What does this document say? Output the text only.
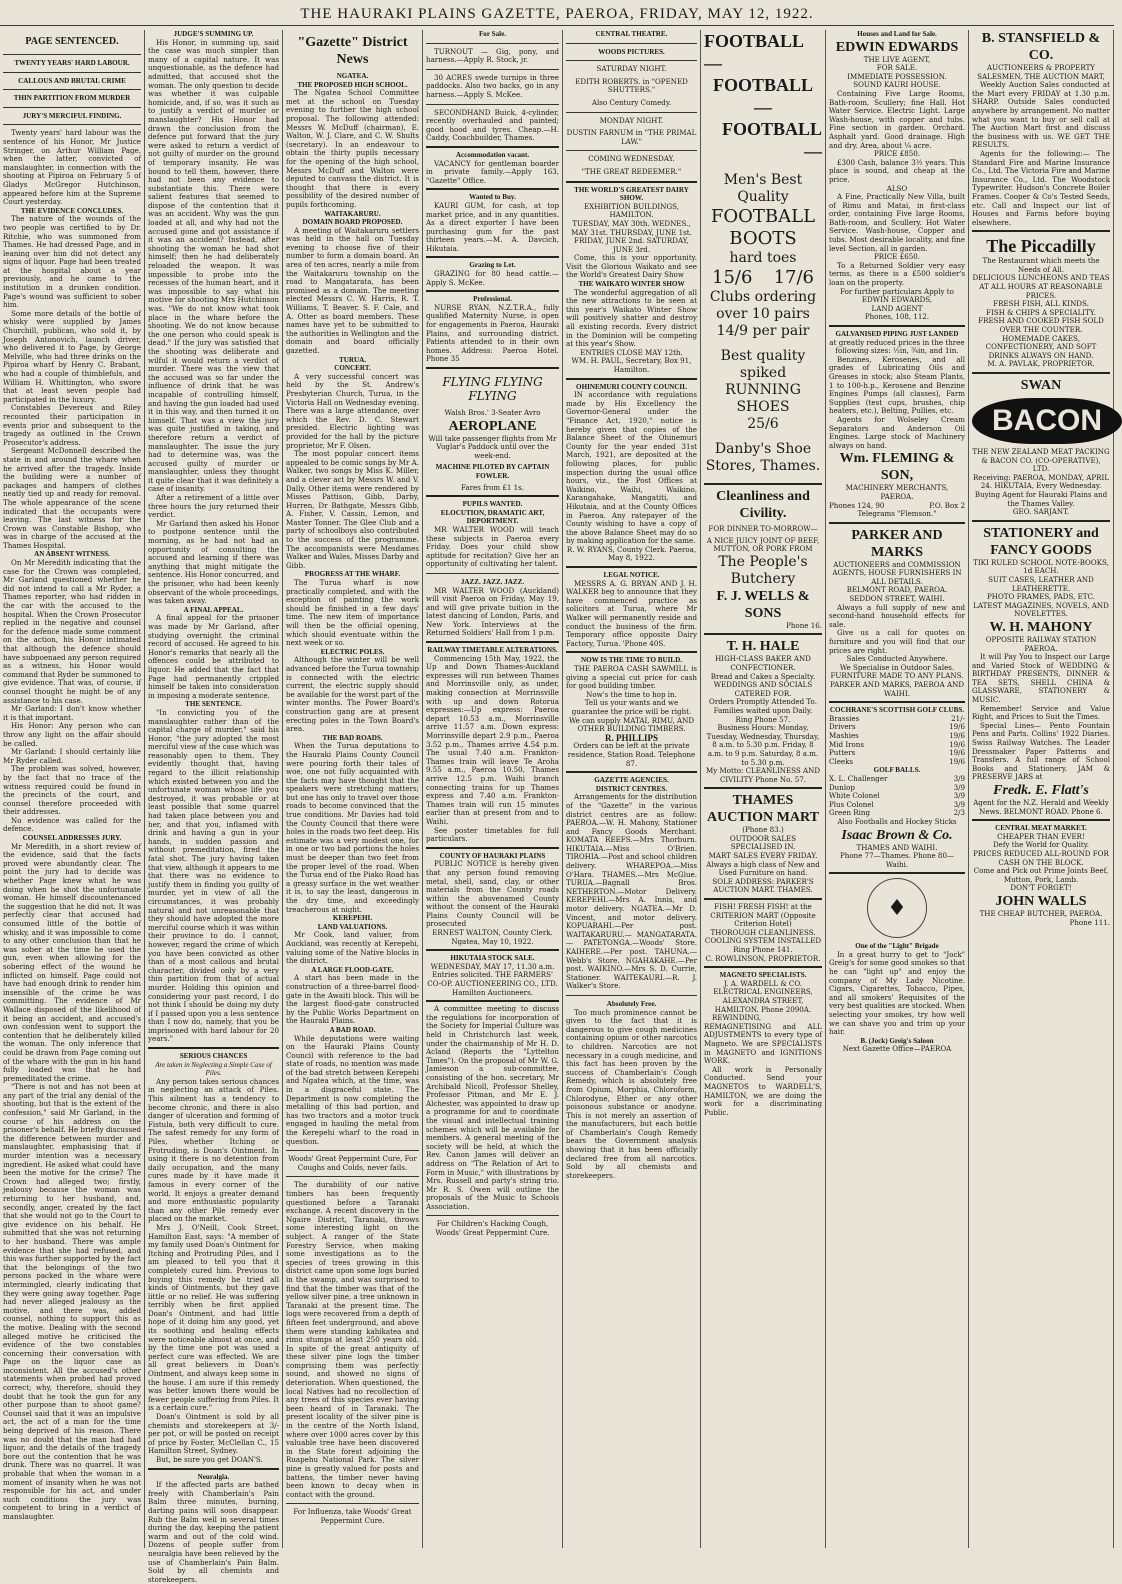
THE HAURAKI PLAINS GAZETTE, PAEROA, FRIDAY, MAY 12, 1922.
PAGE SENTENCED.
TWENTY YEARS' HARD LABOUR.
CALLOUS AND BRUTAL CRIME
THIN PARTITION FROM MURDER
JURY'S MERCIFUL FINDING.

Twenty years' hard labour was the sentence of his Honor, Mr Justice Stringer, on Arthur William Page, when the latter, convicted of manslaughter, in connection with the shooting at Pipiroa on February 5 of Gladys McGregor Hutchinson, appeared before him at the Supreme Court yesterday.

THE EVIDENCE CONCLUDES.

The nature of the wounds of the two people was certified to by Dr. Ritchie, who was summoned from Thames. He had dressed Page, and in leaning over him did not detect any signs of liquor. Page had been treated at the hospital about a year previously, and he came to the institution in a drunken condition. Page's wound was sufficient to sober him.

Some more details of the bottle of whisky were supplied by James Churchill, publican, who sold it, by Joseph Antonovich, launch driver, who delivered it to Page, by George Melville, who had three drinks on the Pipiroa wharf by Henry C. Brabant, who had a couple of thimblefuls, and William H. Whittington, who swore that at least seven people had participated in the luxury.

Constables Devereux and Riley recounted their participation in events prior and subsequent to the tragedy as outlined in the Crown Prosecutor's address.

Sergeant McDonnell described the state in and around the whare when he arrived after the tragedy. Inside the building were a number of packages and hampers of clothes neatly tied up and ready for removal. The whole appearance of the scene indicated that the occupants were leaving. The last witness for the Crown was Constable Bishop, who was in charge of the accused at the Thames Hospital.

AN ABSENT WITNESS.

On Mr Meredith indicating that the case for the Crown was completed, Mr Garland questioned whether he did not intend to call a Mr Ryder, a Thames reporter, who had ridden in the car with the accused to the hospital. When the Crown Prosecutor replied in the negative and counsel for the defence made some comment on the action, his Honor intimated that although the defence should have subpoenaed any person required as a witness, his Honor would command that Ryder be summoned to give evidence. That was, of course, if counsel thought he might be of any assistance to his case.

Mr Garland: I don't know whether it is that important.

His Honor: Any person who can throw any light on the affair should be called.

Mr Garland: I should certainly like Mr Ryder called.

The problem was solved, however, by the fact that no trace of the witness required could be found in the precincts of the court, and counsel therefore proceeded with their addresses.

No evidence was called for the defence.

COUNSEL ADDRESSES JURY.

Mr Meredith, in a short review of the evidence, said that the facts proved were abundantly clear. The point the jury had to decide was whether Page knew what he was doing when he shot the unfortunate woman. He himself discountenanced the suggestion that he did not. It was perfectly clear that accused had consumed little of the bottle of whisky, and it was impossible to come to any other conclusion than that he was sober at the time he used the gun, even when allowing for the sobering effect of the wound he inflicted on himself. Page could not have had enough drink to render him insensible of the crime he was committing. The evidence of Mr Wallace disposed of the likelihood of it being an accident, and accused's own confession went to support the contention that he deliberately killed the woman. The only inference that could be drawn from Page coming out of the whare with the gun in his hand fully loaded was that he had premeditated the crime.

"There is not and has not been at any part of the trial any denial of the shooting, but that is the extent of the confession," said Mr Garland, in the course of his address on the prisoner's behalf. He briefly discussed the difference between murder and manslaughter, emphasising that if murder intention was a necessary ingredient. He asked what could have been the motive for the crime? The Crown had alleged two; firstly, jealousy because the woman was returning to her husband, and, secondly, anger, created by the fact that she would not go to the Court to give evidence on his behalf. He submitted that she was not returning to her husband. There was ample evidence that she had refused, and this was further supported by the fact that the belongings of the two persons packed in the whare were intermingled, clearly indicating that they were going away together. Page had never alleged jealousy as the motive, and there was, added counsel, nothing to support this as the motive. Dealing with the second alleged motive he criticised the evidence of the two constables concerning their conversation with Page on the liquor case as inconsistent. All the accused's other statements when probed had proved correct; why, therefore, should they doubt that he took the gun for any other purpose than to shoot game? Counsel said that it was an impulsive act, the act of a man for the time being deprived of his reason. There was no doubt that the man had had liquor, and the details of the tragedy bore out the contention that he was drunk. There was no quarrel. It was probable that when the woman in a moment of insanity when he was not responsible for his act, and under such conditions the jury was competent to bring in a verdict of manslaughter.

JUDGE'S SUMMING UP.

His Honor, in summing up, said the case was much simpler than many of a capital nature. It was unquestionable, as the defence had admitted, that accused shot the woman. The only question to decide was whether it was culpable homicide, and, if so, was it such as to justify a verdict of murder or manslaughter? His Honor had drawn the conclusion from the defence put forward that the jury were asked to return a verdict of not guilty of murder on the ground of temporary insanity. He was bound to tell them, however, there had not been any evidence to substantiate this. There were salient features that seemed to dispose of the contention that it was an accident. Why was the gun loaded at all, and why had not the accused gone and got assistance if it was an accident? Instead, after shooting the woman he had shot himself; then he had deliberately reloaded the weapon. It was impossible to probe into the recesses of the human heart, and it was impossible to say what his motive for shooting Mrs Hutchinson was. "We do not know what took place in the whare before the shooting. We do not know because the one person who could speak is dead." If the jury was satisfied that the shooting was deliberate and wilful it would return a verdict of murder. There was the view that the accused was so far under the influence of drink that he was incapable of controlling himself, and having the gun loaded had used it in this way, and then turned it on himself. That was a view the jury was quite justified in taking, and therefore return a verdict of manslaughter. The issue the jury had to determine was, was the accused guilty of murder or manslaughter, unless they thought it quite clear that it was definitely a case of insanity.

After a retirement of a little over three hours the jury returned their verdict.

Mr Garland then asked his Honor to postpone sentence until the morning, as he had not had an opportunity of consulting the accused and learning if there was anything that might mitigate the sentence. His Honor concurred, and the prisoner, who had been keenly observant of the whole proceedings, was taken away.

A FINAL APPEAL.

A final appeal for the prisoner was made by Mr Garland, after studying overnight the criminal record of accused. He agreed to his Honor's remarks that nearly all the offences could be attributed to liquor. He added that the fact that Page had permanently crippled himself be taken into consideration in imposing a moderate sentence.

THE SENTENCE.

"In convicting you of the manslaughter rather than of the capital charge of murder," said his Honor, "the jury adopted the most merciful view of the case which was reasonably open to them. They evidently thought that, having regard to the illicit relationship which existed between you and the unfortunate woman whose life you destroyed, it was probable or at least possible that some quarrel had taken place between you and her, and that you, inflamed with drink and having a gun in your hands, in sudden passion and without premeditation, fired the fatal shot. The jury having taken that view, although it appears to me that there was no evidence to justify them in finding you guilty of murder, yet in view of all the circumstances, it was probably natural and not unreasonable that they should have adopted the more merciful course which it was within their province to do. I cannot, however, regard the crime of which you have been convicted as other than of a most callous and brutal character, divided only by a very thin partition from that of actual murder. Holding this opinion and considering your past record, I do not think I should be doing my duty if I passed upon you a less sentence than I now do, namely, that you be imprisoned with hard labour for 20 years."

SERIOUS CHANCES
Are taken in Neglecting a Simple Case of Piles.

Any person takes serious chances in neglecting an attack of Piles. This ailment has a tendency to become chronic, and there is also danger of ulceration and forming of Fistula, both very difficult to cure. The safest remedy for any form of Piles, whether Itching or Protruding, is Doan's Ointment. In using it there is no detention from daily occupation, and the many cures made by it have made it famous in every corner of the world. It enjoys a greater demand and more enthusiastic popularity than any other Pile remedy ever placed on the market.

Mrs J. O'Neill, Cook Street, Hamilton East, says: "A member of my family used Doan's Ointment for Itching and Protruding Piles, and I am pleased to tell you that it completely cured him. Previous to buying this remedy he tried all kinds of Ointments, but they gave little or no relief. He was suffering terribly when he first applied Doan's Ointment, and had little hope of it doing him any good, yet its soothing and healing effects were noticeable almost at once, and by the time one pot was used a perfect cure was effected. We are all great believers in Doan's Ointment, and always keep some in the house. I am sure if this remedy was better known there would be fewer people suffering from Piles. It is a certain cure."

Doan's Ointment is sold by all chemists and storekeepers at 3/- per pot, or will be posted on receipt of price by Foster, McClellan C., 15 Hamilton Street, Sydney.

But, be sure you get DOAN'S.

Neuralgia.

If the affected parts are bathed freely with Chamberlain's Pain Balm three minutes, burning, darting pains will soon disappear. Rub the Balm well in several times during the day, keeping the patient warm and out of the cold wind. Dozens of people suffer from neuralgia have been relieved by the use of Chamberlain's Pain Balm. Sold by all chemists and storekeepers.

"Gazette" District News
NGATEA.
THE PROPOSED HIGH SCHOOL.

The Ngatea School Committee met at the school on Tuesday evening to further the high school proposal. The following attended: Messrs W. McDuff (chairman), E. Walton, W. J. Clare, and C. W. Shults (secretary). In an endeavour to obtain the thirty pupils necessary for the opening of the high school, Messrs McDuff and Walton were deputed to canvass the district. It is thought that there is every possibility of the desired number of pupils forthcoming.

WAITAKARURU.
DOMAIN BOARD PROPOSED.

A meeting of Waitakaruru settlers was held in the hall on Tuesday evening to choose five of their number to form a domain board. An area of ten acres, nearly a mile from the Waitakaruru township on the road to Mangatarata, has been promised as a domain. The meeting elected Messrs C. W. Harris, R. T. Williams, T. Beaver, S. F. Cale, and A. Otter as board members. These names have yet to be submitted to the authorities in Wellington and the domain and board officially gazetted.

TURUA.
CONCERT.

A very successful concert was held by the St. Andrew's Presbyterian Church, Turua, in the Victoria Hall on Wednesday evening. There was a large attendance, over which the Rev. D. C. Stewart presided. Electric lighting was provided for the hall by the picture proprietor, Mr F. Olsen.

The most popular concert items appealed to be comic songs by Mr A. Walker, two songs by Miss K. Miller, and a clever act by Messrs W. and V. Dally. Other items were rendered by Misses Pattison, Gibb, Darby, Hurren, Dr Bathgate, Messrs Gibb, A. Fisher, V. Cassin, Lemon, and Master Tonner. The Glee Club and a party of schoolboys also contributed to the success of the programme. The accompanists were Mesdames Walker and Wales, Misses Darby and Gibb.

PROGRESS AT THE WHARF.

The Turua wharf is now practically completed, and with the exception of painting the work should be finished in a few days' time. The new item of importance will then be the official opening, which should eventuate within the next week or so.

ELECTRIC POLES.

Although the winter will be well advanced before the Turua township is connected with the electric current, the electric supply should be available for the worst part of the winter months. The Power Board's construction gang are at present erecting poles in the Town Board's area.

THE BAD ROADS.

When the Turua deputations to the Hauraki Plains County Council were pouring forth their tales of woe, one not fully acquainted with the facts may have thought that the speakers were stretching matters; but one has only to travel over those roads to become convinced that the true conditions. Mr Davies had told the County Council that there were holes in the roads two feet deep. His estimate was a very modest one, for in one or two bad portions the holes must be deeper than two feet from the proper level of the road. When the Turua end of the Piako Road has a greasy surface in the wet weather it is, to say the least, dangerous in the dry time, and exceedingly treacherous at night.

KEREPEHI.
LAND VALUATIONS.

Mr Cook, land valuer, from Auckland, was recently at Kerepehi, valuing some of the Native blocks in the district.

A LARGE FLOOD-GATE.

A start has been made in the construction of a three-barrel flood-gate in the Awaiti block. This will be the largest flood-gate constructed by the Public Works Department on the Hauraki Plains.

A BAD ROAD.

While deputations were waiting on the Hauraki Plains County Council with reference to the bad state of roads, no mention was made of the bad stretch between Kerepehi and Ngatea which, at the time, was in a disgraceful state. The Department is now completing the metalling of this bad portion, and has two tractors and a motor truck engaged in hauling the metal from the Kerepehi wharf to the road in question.

Woods' Great Peppermint Cure, For Coughs and Colds, never fails.

The durability of our native timbers has been frequently questioned before a Taranaki exchange. A recent discovery in the Ngaire District, Taranaki, throws some interesting light on the subject. A ranger of the State Forestry Service, when making some investigations as to the species of trees growing in this district came upon some logs buried in the swamp, and was surprised to find that the timber was that of the yellow silver pine, a tree unknown in Taranaki at the present time. The logs were recovered from a depth of fifteen feet underground, and above them were standing kahikatea and rimu stumps at least 250 years old. In spite of the great antiquity of these silver pine logs the timber comprising them was perfectly sound, and showed no signs of deterioration. When questioned, the local Natives had no recollection of any trees of this species ever having been heard of in Taranaki. The present locality of the silver pine is in the centre of the North Island, where over 1000 acres cover by this valuable tree have been discovered in the State forest adjoining the Ruapehu National Park. The silver pine is greatly valued for posts and battens, the timber never having been known to decay when in contact with the ground.

For Influenza, take Woods' Great Peppermint Cure.
For Sale.

TURNOUT — Gig, pony, and harness.—Apply R. Stock, jr.

30 ACRES swede turnips in three paddocks. Also two backs, go in any harness.—Apply S. McKee.

SECONDHAND Buick, 4-cylinder, recently overhauled and painted; good hood and tyres. Cheap.—H. Caddy, Coachbuilder, Thames.

Accommodation vacant.

VACANCY for gentleman boarder in private family.—Apply 163, "Gazette" Office.

Wanted to Buy.

KAURI GUM, for cash, at top market price, and in any quantities. As a direct exporter I have been purchasing gum for the past thirteen years.—M. A. Davcich, Hikutaia.

Grazing to Let.

GRAZING for 80 head cattle.—Apply S. McKee.

Professional.

NURSE RYAN, N.Z.T.R.A., fully qualified Maternity Nurse, is open for engagements in Paeroa, Hauraki Plains, and surrounding district. Patients attended to in their own homes. Address: Paeroa Hotel. Phone 35

FLYING FLYING FLYING
Walsh Bros.' 3-Seater Avro
AEROPLANE
Will take passenger flights from Mr Vuglar's Paddock until over the week-end.
MACHINE PILOTED BY CAPTAIN FOWLER.
Fares from £1 1s.
PUPILS WANTED.
ELOCUTION, DRAMATIC ART, DEPORTMENT.

MR WALTER WOOD will teach these subjects in Paeroa every Friday. Does your child show aptitude for recitation? Give her an opportunity of cultivating her talent.

JAZZ. JAZZ. JAZZ.

MR WALTER WOOD (Auckland) will visit Paeroa on Friday, May 19, and will give private tuition in the latest dancing of London, Paris, and New York. Interviews at the Returned Soldiers' Hall from 1 p.m.

RAILWAY TIMETABLE ALTERATIONS.

Commencing 15th May, 1922, the Up and Down Thames-Auckland expresses will run between Thames and Morrinsville only, as under, making connection at Morrinsville with up and down Rotorua expresses:—Up express: Paeroa depart 10.53 a.m., Morrinsville arrive 11.57 a.m. Down express: Morrinsville depart 2.9 p.m., Paeroa 3.52 p.m., Thames arrive 4.54 p.m. The usual 7.40 a.m. Frankton-Thames train will leave Te Aroha 9.55 a.m., Paeroa 10.50, Thames arrive 12.5 p.m. Waihi branch connecting trains for up Thames express and 7.40 a.m. Frankton-Thames train will run 15 minutes earlier than at present from and to Waihi.

See poster timetables for full particulars.

COUNTY OF HAURAKI PLAINS

PUBLIC NOTICE is hereby given that any person found removing metal, shell, sand, clay, or other materials from the County roads within the abovenamed County without the consent of the Hauraki Plains County Council will be prosecuted

ERNEST WALTON, County Clerk. Ngatea, May 10, 1922.
HIKUTAIA STOCK SALE.
WEDNESDAY, MAY 17, 11.30 a.m.
Entries solicited. THE FARMERS' CO-OP. AUCTIONEERING CO., LTD. Hamilton Auctioneers.

A committee meeting to discuss the regulations for incorporation of the Society for Imperial Culture was held in Christchurch last week, under the chairmanship of Mr H. D. Acland (Reports the "Lyttelton Times"). On the proposal of Mr W. G. Jamieson a sub-committee, consisting of the hon. secretary, Mr Archibald Nicoll, Professor Shelley, Professor Pitman, and Mr E. J. Alchester, was appointed to draw up a programme for and to coordinate the visual and intellectual training schemes which will be available for members. A general meeting of the society will be held, at which the Rev. Canon James will deliver an address on "The Relation of Art to Form in Music," with illustrations by Mrs. Russell and party's string trio. Mr R. S. Owen will outline the proposals of the Music to Schools Association.

For Children's Hacking Cough, Woods' Great Peppermint Cure.
CENTRAL THEATRE.
WOODS PICTURES.
SATURDAY NIGHT.
EDITH ROBERTS. in "OPENED SHUTTERS."
Also Century Comedy.
MONDAY NIGHT.
DUSTIN FARNUM in "THE PRIMAL LAW."
COMING WEDNESDAY.
"THE GREAT REDEEMER."
THE WORLD'S GREATEST DAIRY SHOW.
EXHIBITION BUILDINGS, HAMILTON.
TUESDAY, MAY 30th. WEDNES., MAY 31st. THURSDAY, JUNE 1st. FRIDAY, JUNE 2nd. SATURDAY, JUNE 3rd.

Come, this is your opportunity. Visit the Glorious Waikato and see the World's Greatest Dairy Show

THE WAIKATO WINTER SHOW

The wonderful aggregation of all the new attractions to be seen at this year's Waikato Winter Show will positively shatter and destroy all existing records. Every district in the Dominion will be competing at this year's Show.

ENTRIES CLOSE MAY 12th.
WM. H. PAUL, Secretary, Box 91, Hamilton.
OHINEMURI COUNTY COUNCIL

IN accordance with regulations made by His Excellency the Governor-General under the "Finance Act, 1920," notice is hereby given that copies of the Balance Sheet of the Ohinemuri County for the year ended 31st March, 1921, are deposited at the following places, for public inspection during the usual office hours, viz., the Post Offices at Waikino, Waihi, Waikino, Karangahake, Mangatiti, and Hikutaia, and at the County Offices in Paeroa. Any ratepayer of the County wishing to have a copy of the above Balance Sheet may do so by making application for the same.

R. W. RYANS, County Clerk. Paeroa, May 8, 1922.
LEGAL NOTICE.

MESSRS A. G. BRYAN AND J. H. WALKER beg to announce that they have commenced practice as solicitors at Turua, where Mr Walker will permanently reside and conduct the business of the firm. Temporary office opposite Dairy Factory, Turua. 'Phone 40S.

NOW IS THE TIME TO BUILD.

THE PAEROA CASH SAWMILL is giving a special cut price for cash for good building timber.

Now's the time to hop in.
Tell us your wants and we guarantee the price will be right.
We can supply MATAI, RIMU, AND OTHER BUILDING TIMBERS.
R. PHILLIPS
Orders can be left at the private residence, Station Road. Telephone 87.
GAZETTE AGENCIES.
DISTRICT CENTRES.

Arrangements for the distribution of the "Gazette" in the various district centres are as follow: PAEROA.—W. H. Mahony, Stationer and Fancy Goods Merchant. KOMATA REEFS.—Mrs Thorburn. HIKUTAIA.—Miss O'Brien. TIROHIA.—Post and school children delivery. WHAREPOA.—Miss O'Hara. THAMES.—Mrs McGlue. TURUA.—Bagnall Bros. NETHERTON.—Motor Delivery. KEREPEHI.—Mrs A. Innis, and motor delivery. NGATEA.—Mr D. Vincent, and motor delivery. KOPUARAHI.—Per post. WAITAKARURU.— MANGATARATA.— PATETONGA.—Woods' Store. KAIHERE.—Per post. TAHUNA.—Webb's Store. NGAHAKAHE.—Per post. WAIKINO.—Mrs S. D. Currie, Stationer. WAITEKAURI.—R. J. Walker's Store.

Absolutely Free.

Too much prominence cannot be given to the fact that it is dangerous to give cough medicines containing opium or other narcotics to children. Narcotics are not necessary in a cough medicine, and this fact has been proven by the success of Chamberlain's Cough Remedy, which is absolutely free from Opium, Morphia, Chloroform, Chlorodyne, Ether or any other poisonous substance or anodyne. This is not merely an assertion of the manufacturers, but each bottle of Chamberlain's Cough Remedy bears the Government analysis showing that it has been officially declared free from all narcotics. Sold by all chemists and storekeepers.

FOOTBALL—
FOOTBALL—
FOOTBALL—
Men's Best Quality
FOOTBALL BOOTS
hard toes
15/6 17/6
Clubs ordering over 10 pairs
14/9 per pair
Best quality spiked RUNNING SHOES
25/6
Danby's Shoe Stores, Thames.
Cleanliness and Civility.
FOR DINNER TO-MORROW—
A NICE JUICY JOINT OF BEEF, MUTTON, OR PORK FROM
The People's Butchery
F. J. WELLS & SONS
Phone 16.
T. H. HALE
HIGH-CLASS BAKER AND CONFECTIONER.
Bread and Cakes a Specialty.
WEDDINGS AND SOCIALS CATERED FOR.
Orders Promptly Attended To.
Families waited upon Daily.
Ring Phone 57.
Business Hours: Monday, Tuesday, Wednesday, Thursday, 8 a.m. to 5.30 p.m. Friday, 8 a.m. to 9 p.m. Saturday, 8 a.m. to 5.30 p.m.
My Motto: CLEANLINESS AND CIVILITY Phone No. 57.
THAMES AUCTION MART
(Phone 83.)
OUTDOOR SALES SPECIALISED IN.
MART SALES EVERY FRIDAY. Always a high class of New and Used Furniture on hand.
SOLE ADDRESS: PARKER'S AUCTION MART. THAMES.
FISH! FRESH FISH! at the CRITERION MART (Opposite Criterion Hotel)
THOROUGH CLEANLINESS.
COOLING SYSTEM INSTALLED
Ring Phone 141.
C. ROWLINSON, PROPRIETOR.
MAGNETO SPECIALISTS.
J. A. WARDELL & CO. ELECTRICAL ENGINEERS, ALEXANDRA STREET, HAMILTON. Phone 2090A.

REWINDING, REMAGNETISING and ALL ADJUSTMENTS to every type of Magneto. We are SPECIALISTS in MAGNETO and IGNITIONS WORK.

All work is Personally Conducted. Send your MAGNETOS to WARDELL'S, HAMILTON, we are doing the work for a discriminating Public.

Houses and Land for Sale.
EDWIN EDWARDS
THE LIVE AGENT,
FOR SALE.
IMMEDIATE POSSESSION.
SOUND KAURI HOUSE.

Containing Five Large Rooms, Bath-room, Scullery; fine Hall. Hot Water Service. Electric Light. Large Wash-house, with copper and tubs. Fine section in garden. Orchard. Asphalt yard. Good drainage. High and dry. Area, about ¼ acre.

PRICE £850.

£300 Cash, balance 3½ years. This place is sound, and cheap at the price.

ALSO

A Fine, Practically New Villa, built of Rimu and Matai, in first-class order, containing Five large Rooms, Bath-room, and Scullery. Hot Water Service. Wash-house, Copper and tubs. Most desirable locality, and fine level Section, all in garden.

PRICE £650.

To a Returned Soldier very easy terms, as there is a £500 soldier's loan on the property.

For further particulars Apply to
EDWIN EDWARDS,
LAND AGENT
Phones, 108, 112.
GALVANISED PIPING JUST LANDED
at greatly reduced prices in the three following sizes: ½in, ¾in, and 1in.

Benzines, Kerosenes, and all grades of Lubricating Oils and Greases in stock; also Steam Plants, 1 to 100-h.p., Kerosene and Benzine Engines Pumps (all classes), Farm Supplies (test cups, brushes, chip heaters, etc.), Belting, Pullies, etc.

Agents for Wolseley Cream Separators and Anderson Oil Engines. Large stock of Machinery always on hand.

Wm. FLEMING & SON,
MACHINERY MERCHANTS, PAEROA.
Phones 124, 90	P.O. Box 2
Telegrams "Flemson."
PARKER AND MARKS
AUCTIONEERS and COMMISSION AGENTS, HOUSE FURNISHERS IN ALL DETAILS.
BELMONT ROAD, PAEROA. SEDDON STREET, WAIHI.

Always a full supply of new and second-hand household effects for sale.

Give us a call for quotes on furniture and you will find that our prices are right.

Sales Conducted Anywhere.
We Specialise in Outdoor Sales.
FURNITURE MADE TO ANY PLANS.
PARKER AND MARKS, PAEROA AND WAIHI.
COCHRANE'S SCOTTISH GOLF CLUBS.
Brassies	21/-
Drivers	19/6
Mashies	19/6
Mid Irons	19/6
Putters	19/6
Cleeks	19/6
GOLF BALLS.
X. L. Challenger	3/9
Dunlop	3/9
White Colonel	3/9
Plus Colonel	3/9
Green Ring	2/3
Also Footballs and Hockey Sticks
Isaac Brown & Co.
THAMES AND WAIHI.
Phone 77—Thames. Phone 80—Waihi.
♦
One of the "Light" Brigade

In a great hurry to get to "Jock" Greig's for some good smokes so that he can "light up" and enjoy the company of My Lady Nicotine. Cigars, Cigarettes, Tobacco, Pipes, and all smokers' Requisites of the very best qualities are stocked. When selecting your smokes, try how well we can shave you and trim up your hair.

B. (Jock) Greig's Saloon
Next Gazette Office—PAEROA
B. STANSFIELD & CO.
AUCTIONEERS & PROPERTY SALESMEN, THE AUCTION MART,

Weekly Auction Sales conducted at the Mart every FRIDAY at 1.30 p.m. SHARP. Outside Sales conducted anywhere by arrangement. No matter what you want to buy or sell call at The Auction Mart first and discuss the business with us. WE GET THE RESULTS.

Agents for the following:— The Standard Fire and Marine Insurance Co., Ltd. The Victoria Fire and Marine Insurance Co., Ltd. The Woodstock Typewriter. Hudson's Concrete Boiler Frames. Cooper & Co's Tested Seeds, etc. Call and Inspect our list of Houses and Farms before buying elsewhere.

The Piccadilly
The Restaurant which meets the Needs of All.
DELICIOUS LUNCHEONS AND TEAS AT ALL HOURS AT REASONABLE PRICES.
FRESH FISH, ALL KINDS.
FISH & CHIPS A SPECIALITY.
FRESH AND COOKED FISH SOLD OVER THE COUNTER.
HOMEMADE CAKES, CONFECTIONERY, AND SOFT DRINKS ALWAYS ON HAND.
M. A. PAVLAK, PROPRIETOR.
SWAN
BACON
THE NEW ZEALAND MEAT PACKING & BACON CO. (CO-OPERATIVE), LTD.
Receiving: PAEROA, MONDAY, APRIL 24. HIKUTAIA, Every Wednesday.
Buying Agent for Hauraki Plains and the Thames Valley.
GEO. SARJANT.
STATIONERY and FANCY GOODS
TIKI RULED SCHOOL NOTE-BOOKS, 1d EACH.
SUIT CASES, LEATHER AND LEATHERETTE.
PHOTO FRAMES, PADS, ETC.
LATEST MAGAZINES, NOVELS, AND NOVELETTES.
W. H. MAHONY
OPPOSITE RAILWAY STATION PAEROA.

It will Pay You to Inspect our Large and Varied Stock of WEDDING & BIRTHDAY PRESENTS, DINNER & TEA SETS, SHELL CHINA & GLASSWARE, STATIONERY & MUSIC.

Remember! Service and Value Right, and Prices to Suit the Times.

Special Lines— Pento Fountain Pens and Parts. Collins' 1922 Diaries. Swiss Railway Watches. The Leader Dressmaker Paper Patterns and Transfers. A full range of School Books and Stationery. JAM & PRESERVE JARS at

Fredk. E. Flatt's
Agent for the N.Z. Herald and Weekly News. BELMONT ROAD. Phone 6.
CENTRAL MEAT MARKET.
CHEAPER THAN EVER!
Defy the World for Quality.
PRICES REDUCED ALL-ROUND FOR CASH ON THE BLOCK.
Come and Pick out Prime Joints Beef, Mutton, Pork, Lamb.
DON'T FORGET!
JOHN WALLS
THE CHEAP BUTCHER, PAEROA.
Phone 111.
